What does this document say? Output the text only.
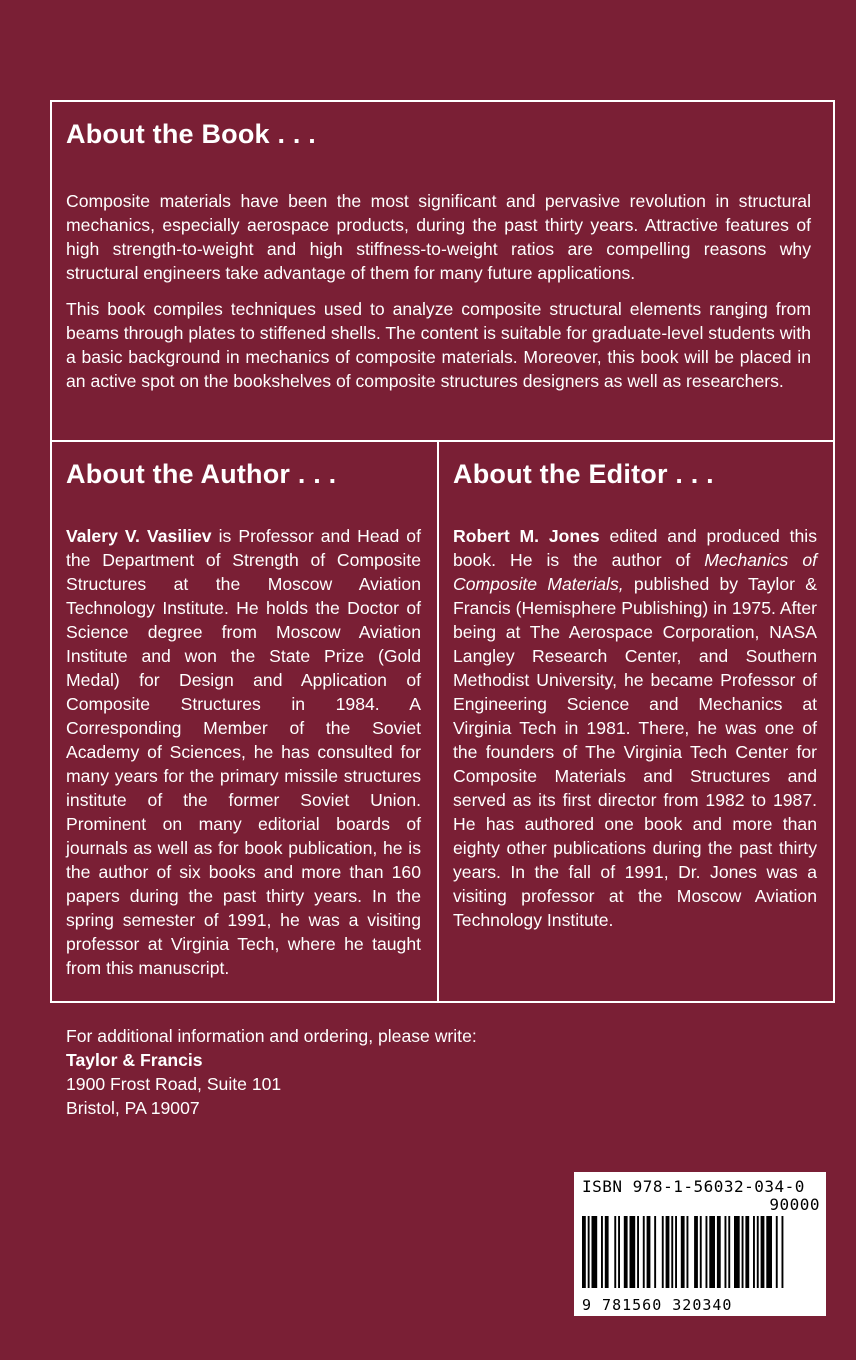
About the Book . . .

Composite materials have been the most significant and pervasive revolution in structural mechanics, especially aerospace products, during the past thirty years. Attractive features of high strength-to-weight and high stiffness-to-weight ratios are compelling reasons why structural engineers take advantage of them for many future applications.

This book compiles techniques used to analyze composite structural elements ranging from beams through plates to stiffened shells. The content is suitable for graduate-level students with a basic background in mechanics of composite materials. Moreover, this book will be placed in an active spot on the bookshelves of composite structures designers as well as researchers.

About the Author . . .

Valery V. Vasiliev is Professor and Head of the Department of Strength of Composite Structures at the Moscow Aviation Technology Institute. He holds the Doctor of Science degree from Moscow Aviation Institute and won the State Prize (Gold Medal) for Design and Application of Composite Structures in 1984. A Corresponding Member of the Soviet Academy of Sciences, he has consulted for many years for the primary missile structures institute of the former Soviet Union. Prominent on many editorial boards of journals as well as for book publication, he is the author of six books and more than 160 papers during the past thirty years. In the spring semester of 1991, he was a visiting professor at Virginia Tech, where he taught from this manuscript.

About the Editor . . .

Robert M. Jones edited and produced this book. He is the author of Mechanics of Composite Materials, published by Taylor & Francis (Hemisphere Publishing) in 1975. After being at The Aerospace Corporation, NASA Langley Research Center, and Southern Methodist University, he became Professor of Engineering Science and Mechanics at Virginia Tech in 1981. There, he was one of the founders of The Virginia Tech Center for Composite Materials and Structures and served as its first director from 1982 to 1987. He has authored one book and more than eighty other publications during the past thirty years. In the fall of 1991, Dr. Jones was a visiting professor at the Moscow Aviation Technology Institute.

For additional information and ordering, please write:
Taylor & Francis
1900 Frost Road, Suite 101
Bristol, PA 19007
ISBN 978-1-56032-034-0
90000
9 781560 320340
